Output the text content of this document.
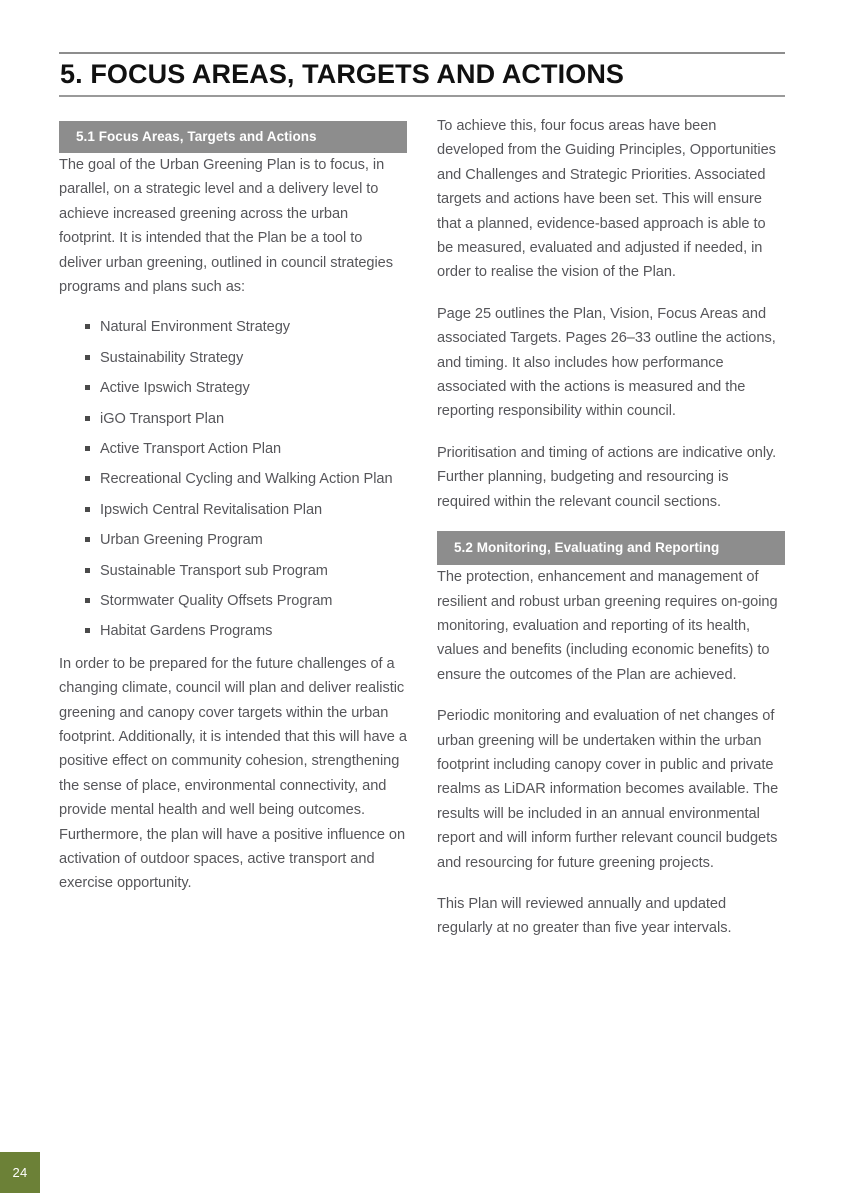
5. FOCUS AREAS, TARGETS AND ACTIONS
5.1 Focus Areas, Targets and Actions

The goal of the Urban Greening Plan is to focus, in parallel, on a strategic level and a delivery level to achieve increased greening across the urban footprint. It is intended that the Plan be a tool to deliver urban greening, outlined in council strategies programs and plans such as:

Natural Environment Strategy
Sustainability Strategy
Active Ipswich Strategy
iGO Transport Plan
Active Transport Action Plan
Recreational Cycling and Walking Action Plan
Ipswich Central Revitalisation Plan
Urban Greening Program
Sustainable Transport sub Program
Stormwater Quality Offsets Program
Habitat Gardens Programs

In order to be prepared for the future challenges of a changing climate, council will plan and deliver realistic greening and canopy cover targets within the urban footprint. Additionally, it is intended that this will have a positive effect on community cohesion, strengthening the sense of place, environmental connectivity, and provide mental health and well being outcomes. Furthermore, the plan will have a positive influence on activation of outdoor spaces, active transport and exercise opportunity.

To achieve this, four focus areas have been developed from the Guiding Principles, Opportunities and Challenges and Strategic Priorities. Associated targets and actions have been set. This will ensure that a planned, evidence-based approach is able to be measured, evaluated and adjusted if needed, in order to realise the vision of the Plan.

Page 25 outlines the Plan, Vision, Focus Areas and associated Targets. Pages 26–33 outline the actions, and timing. It also includes how performance associated with the actions is measured and the reporting responsibility within council.

Prioritisation and timing of actions are indicative only. Further planning, budgeting and resourcing is required within the relevant council sections.

5.2 Monitoring, Evaluating and Reporting

The protection, enhancement and management of resilient and robust urban greening requires on-going monitoring, evaluation and reporting of its health, values and benefits (including economic benefits) to ensure the outcomes of the Plan are achieved.

Periodic monitoring and evaluation of net changes of urban greening will be undertaken within the urban footprint including canopy cover in public and private realms as LiDAR information becomes available. The results will be included in an annual environmental report and will inform further relevant council budgets and resourcing for future greening projects.

This Plan will reviewed annually and updated regularly at no greater than five year intervals.

24
